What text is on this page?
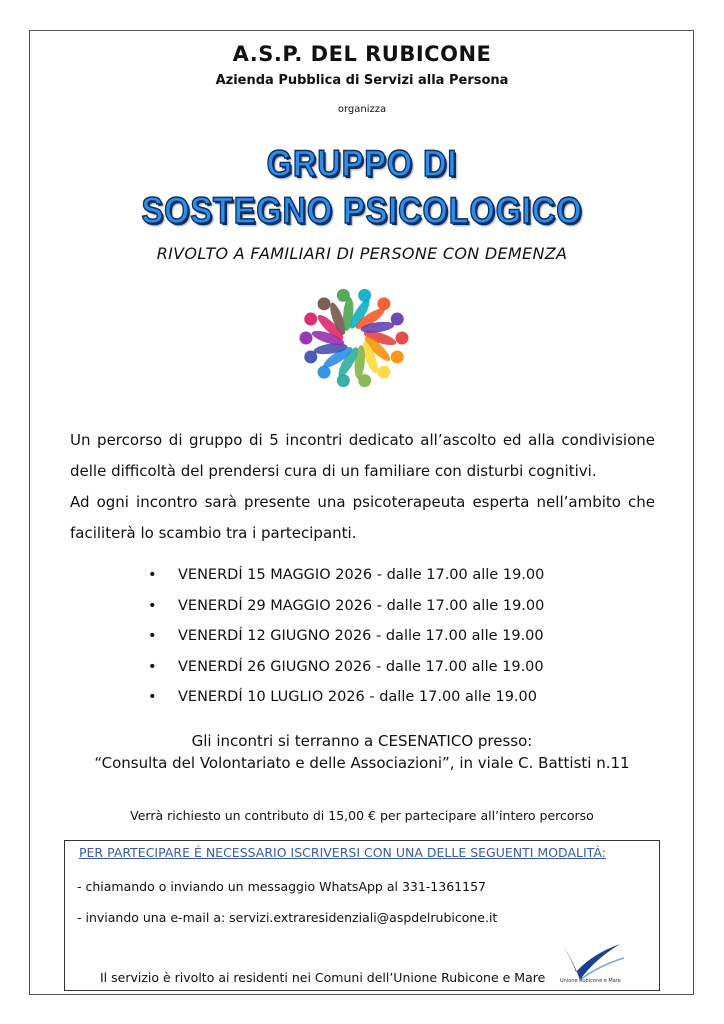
A.S.P. DEL RUBICONE
Azienda Pubblica di Servizi alla Persona
organizza
GRUPPO DI
SOSTEGNO PSICOLOGICO
RIVOLTO A FAMILIARI DI PERSONE CON DEMENZA
Un percorso di gruppo di 5 incontri dedicato all’ascolto ed alla condivisione delle difficoltà del prendersi cura di un familiare con disturbi cognitivi.
Ad ogni incontro sarà presente una psicoterapeuta esperta nell’ambito che faciliterà lo scambio tra i partecipanti.
• VENERDÍ 15 MAGGIO 2026 - dalle 17.00 alle 19.00
• VENERDÍ 29 MAGGIO 2026 - dalle 17.00 alle 19.00
• VENERDÍ 12 GIUGNO 2026 - dalle 17.00 alle 19.00
• VENERDÍ 26 GIUGNO 2026 - dalle 17.00 alle 19.00
• VENERDÍ 10 LUGLIO 2026 - dalle 17.00 alle 19.00
Gli incontri si terranno a CESENATICO presso:
“Consulta del Volontariato e delle Associazioni”, in viale C. Battisti n.11
Verrà richiesto un contributo di 15,00 € per partecipare all’intero percorso
PER PARTECIPARE É NECESSARIO ISCRIVERSI CON UNA DELLE SEGUENTI MODALITÁ:
- chiamando o inviando un messaggio WhatsApp al 331-1361157
- inviando una e-mail a: servizi.extraresidenziali@aspdelrubicone.it
Il servizio è rivolto ai residenti nei Comuni dell’Unione Rubicone e Mare	Unione Rubicone e Mare
